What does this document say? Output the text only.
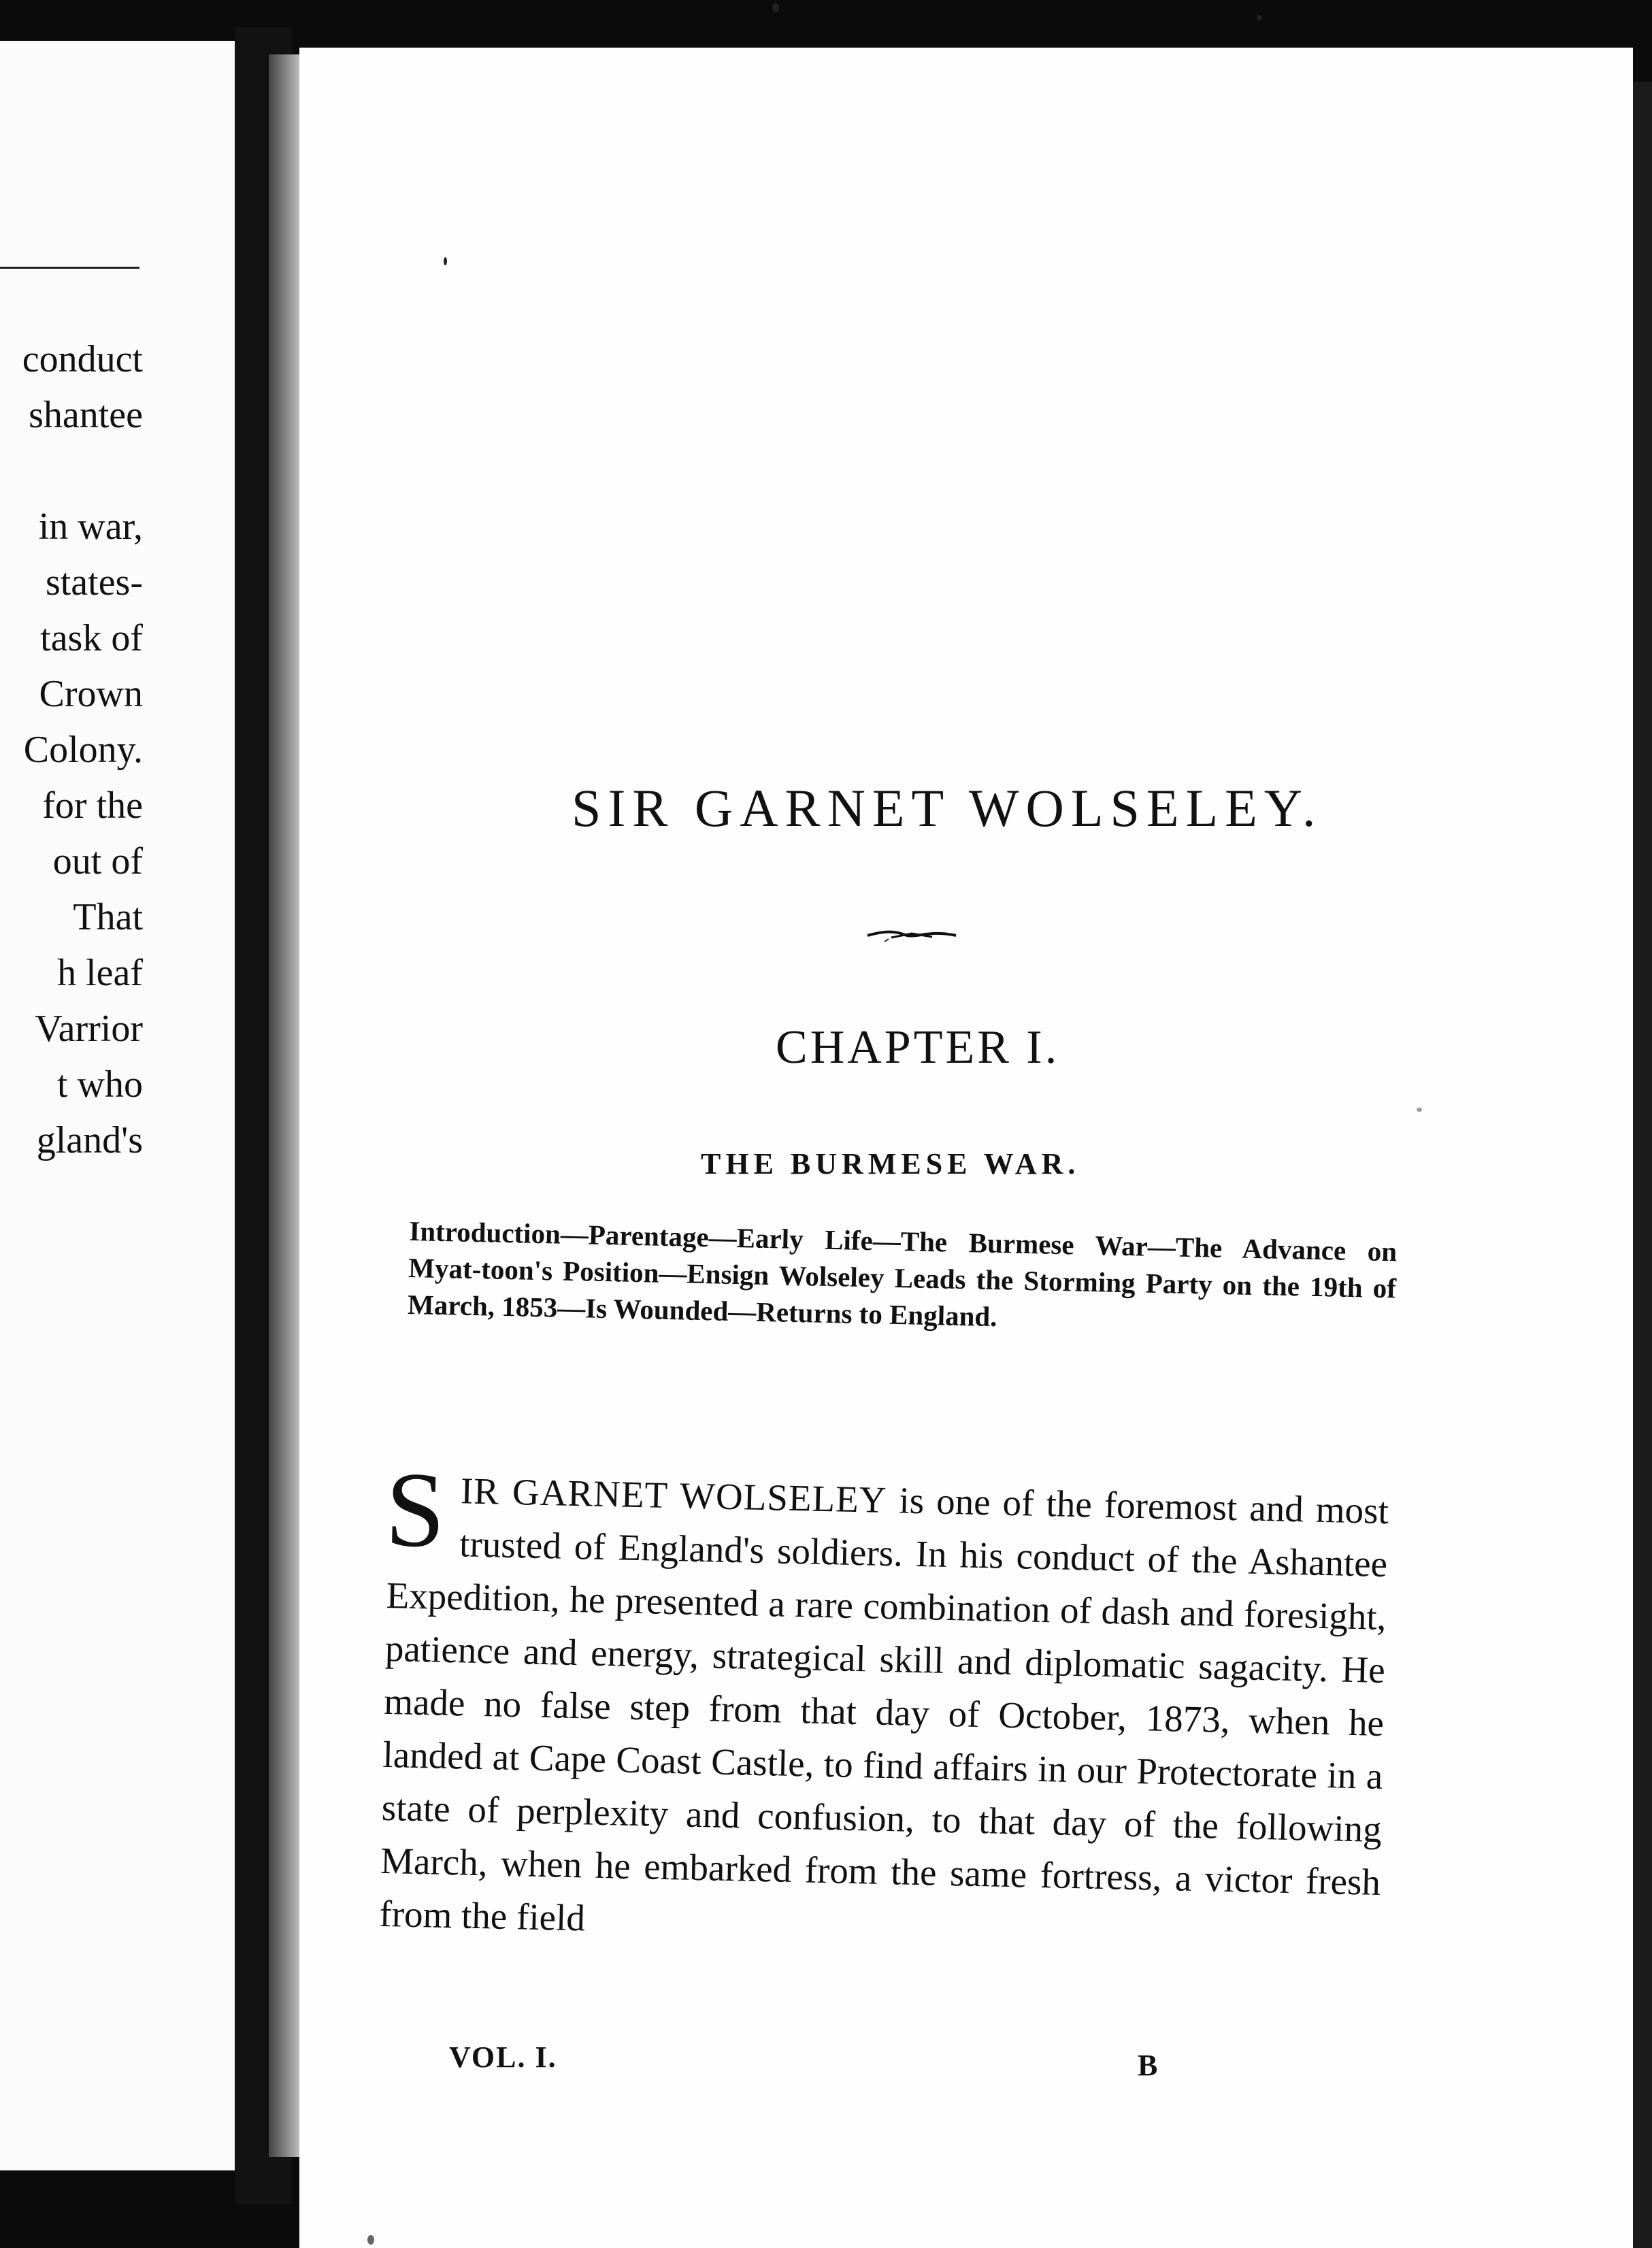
conduct
shantee
in war,
states-
task of
Crown
Colony.
for the
out of
That
h leaf
Varrior
t who
gland's
SIR GARNET WOLSELEY.
CHAPTER I.
THE BURMESE WAR.
Introduction—Parentage—Early Life—The Burmese War—The Advance on Myat-toon's Position—Ensign Wolseley Leads the Storming Party on the 19th of March, 1853—Is Wounded—Returns to England.
SIR GARNET WOLSELEY is one of the foremost and most trusted of England's soldiers. In his conduct of the Ashantee Expedition, he presented a rare combination of dash and foresight, patience and energy, strategical skill and diplomatic sagacity. He made no false step from that day of October, 1873, when he landed at Cape Coast Castle, to find affairs in our Protectorate in a state of perplexity and confusion, to that day of the following March, when he embarked from the same fortress, a victor fresh from the field
VOL. I.	B
